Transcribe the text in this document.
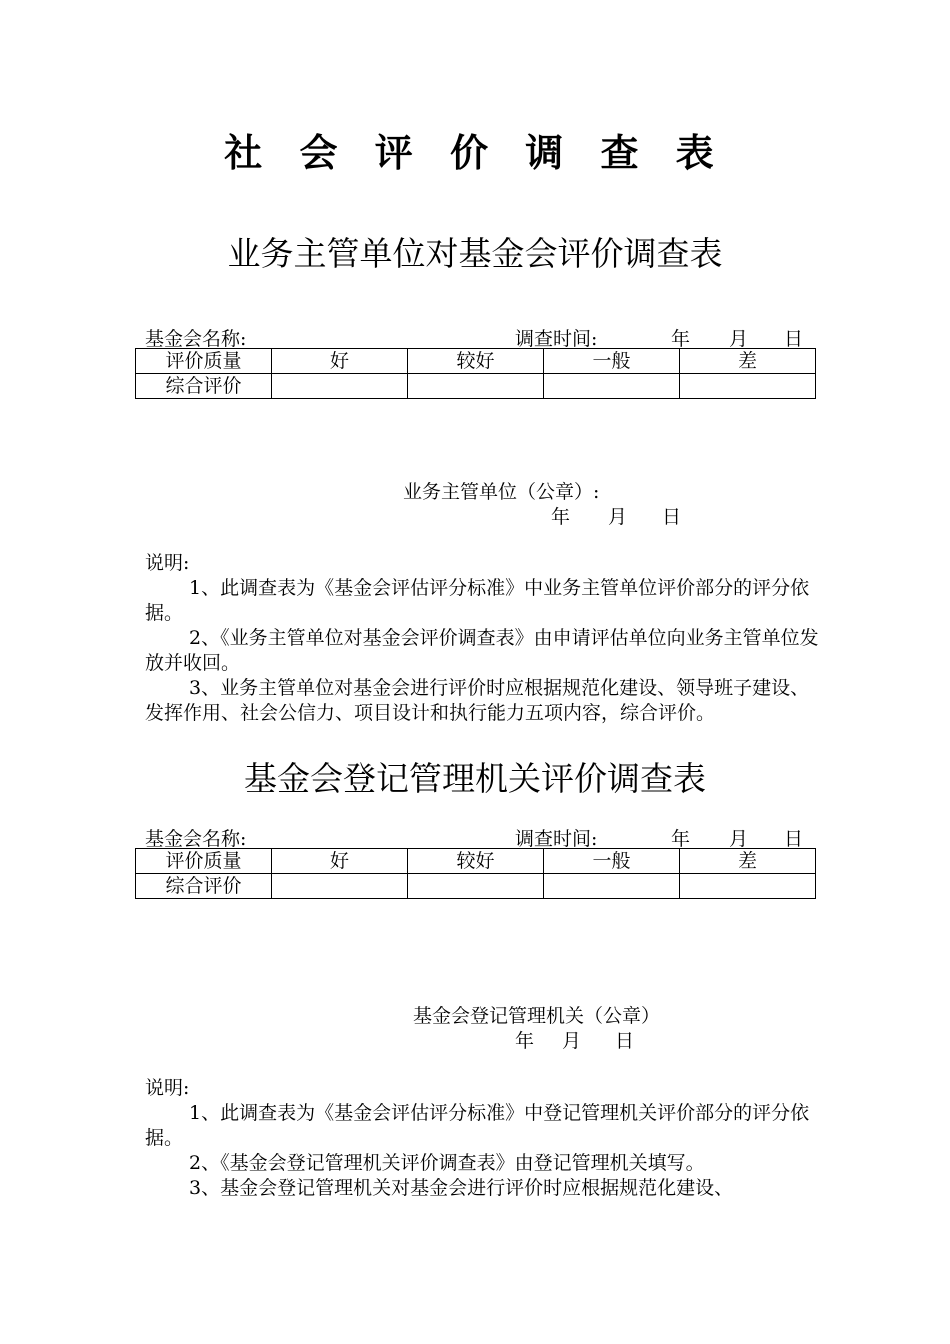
社 会 评 价 调 查 表
业务主管单位对基金会评价调查表
基金会名称:	调查时间:	年 月 日
评价质量	好	较好	一般	差
综合评价				
业务主管单位（公章）:
年 月 日

说明:

1、此调查表为《基金会评估评分标准》中业务主管单位评价部分的评分依据。

2、《业务主管单位对基金会评价调查表》由申请评估单位向业务主管单位发放并收回。

3、业务主管单位对基金会进行评价时应根据规范化建设、领导班子建设、发挥作用、社会公信力、项目设计和执行能力五项内容，综合评价。

基金会登记管理机关评价调查表
基金会名称:	调查时间:	年 月 日
评价质量	好	较好	一般	差
综合评价				
基金会登记管理机关（公章）
年 月 日

说明:

1、此调查表为《基金会评估评分标准》中登记管理机关评价部分的评分依据。

2、《基金会登记管理机关评价调查表》由登记管理机关填写。

3、基金会登记管理机关对基金会进行评价时应根据规范化建设、
